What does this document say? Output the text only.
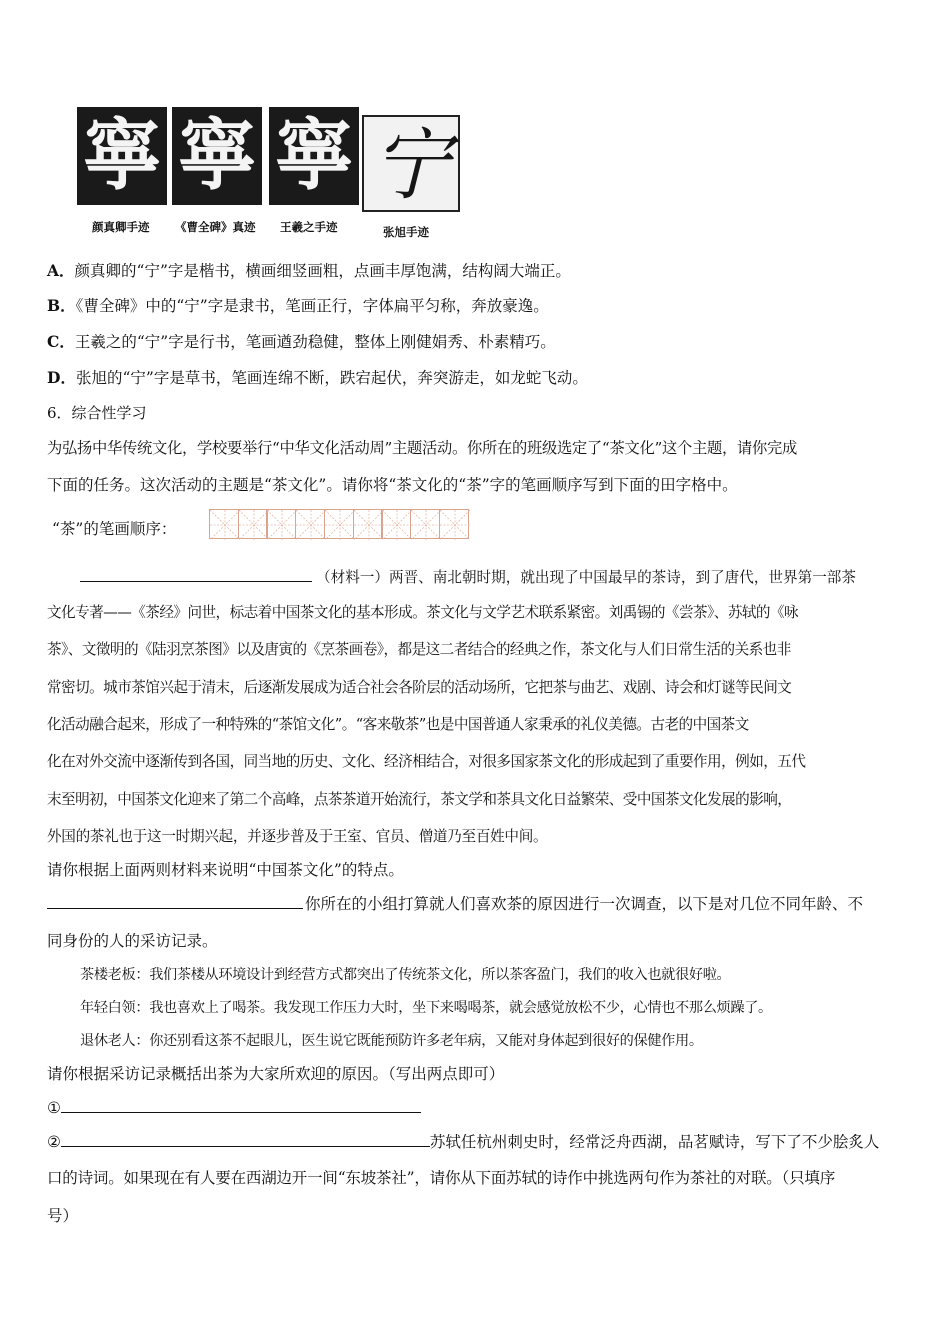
寧 寧 寧 宁
颜真卿手迹 《曹全碑》真迹 王羲之手迹	张旭手迹
A．颜真卿的“宁”字是楷书，横画细竖画粗，点画丰厚饱满，结构阔大端正。
B．《曹全碑》中的“宁”字是隶书，笔画正行，字体扁平匀称，奔放豪逸。
C．王羲之的“宁”字是行书，笔画遒劲稳健，整体上刚健娟秀、朴素精巧。
D．张旭的“宁”字是草书，笔画连绵不断，跌宕起伏，奔突游走，如龙蛇飞动。
6．综合性学习
为弘扬中华传统文化，学校要举行“中华文化活动周”主题活动。你所在的班级选定了“茶文化”这个主题，请你完成
下面的任务。这次活动的主题是“茶文化”。请你将“茶文化的“茶”字的笔画顺序写到下面的田字格中。
“茶”的笔画顺序：
（材料一）两晋、南北朝时期，就出现了中国最早的茶诗，到了唐代，世界第一部茶
文化专著——《茶经》问世，标志着中国茶文化的基本形成。茶文化与文学艺术联系紧密。刘禹锡的《尝茶》、苏轼的《咏
茶》、文徵明的《陆羽烹茶图》以及唐寅的《烹茶画卷》，都是这二者结合的经典之作，茶文化与人们日常生活的关系也非
常密切。城市茶馆兴起于清末，后逐渐发展成为适合社会各阶层的活动场所，它把茶与曲艺、戏剧、诗会和灯谜等民间文
化活动融合起来，形成了一种特殊的“茶馆文化”。“客来敬茶”也是中国普通人家秉承的礼仪美德。古老的中国茶文
化在对外交流中逐渐传到各国，同当地的历史、文化、经济相结合，对很多国家茶文化的形成起到了重要作用，例如，五代
末至明初，中国茶文化迎来了第二个高峰，点茶茶道开始流行，茶文学和茶具文化日益繁荣、受中国茶文化发展的影响，
外国的茶礼也于这一时期兴起，并逐步普及于王室、官员、僧道乃至百姓中间。
请你根据上面两则材料来说明“中国茶文化”的特点。
你所在的小组打算就人们喜欢茶的原因进行一次调查，以下是对几位不同年龄、不
同身份的人的采访记录。
茶楼老板：我们茶楼从环境设计到经营方式都突出了传统茶文化，所以茶客盈门，我们的收入也就很好啦。
年轻白领：我也喜欢上了喝茶。我发现工作压力大时，坐下来喝喝茶，就会感觉放松不少，心情也不那么烦躁了。
退休老人：你还别看这茶不起眼儿，医生说它既能预防许多老年病，又能对身体起到很好的保健作用。
请你根据采访记录概括出茶为大家所欢迎的原因。（写出两点即可）
①
②	苏轼任杭州刺史时，经常泛舟西湖，品茗赋诗，写下了不少脍炙人
口的诗词。如果现在有人要在西湖边开一间“东坡茶社”，请你从下面苏轼的诗作中挑选两句作为茶社的对联。（只填序
号）
